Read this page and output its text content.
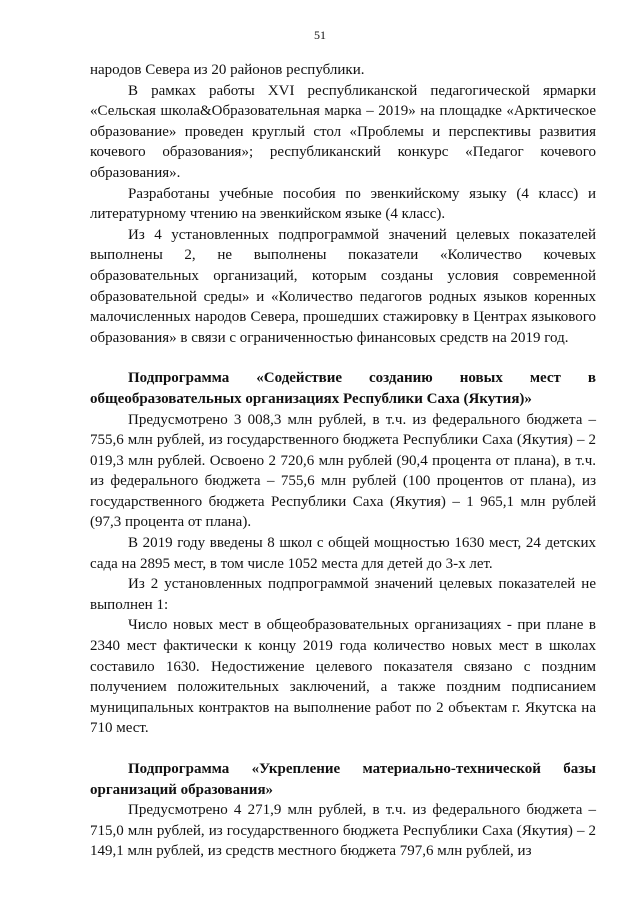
51

народов Севера из 20 районов республики.

В рамках работы XVI республиканской педагогической ярмарки «Сельская школа&Образовательная марка – 2019» на площадке «Арктическое образование» проведен круглый стол «Проблемы и перспективы развития кочевого образования»; республиканский конкурс «Педагог кочевого образования».

Разработаны учебные пособия по эвенкийскому языку (4 класс) и литературному чтению на эвенкийском языке (4 класс).

Из 4 установленных подпрограммой значений целевых показателей выполнены 2, не выполнены показатели «Количество кочевых образовательных организаций, которым созданы условия современной образовательной среды» и «Количество педагогов родных языков коренных малочисленных народов Севера, прошедших стажировку в Центрах языкового образования» в связи с ограниченностью финансовых средств на 2019 год.

Подпрограмма «Содействие созданию новых мест в общеобразовательных организациях Республики Саха (Якутия)»

Предусмотрено 3 008,3 млн рублей, в т.ч. из федерального бюджета – 755,6 млн рублей, из государственного бюджета Республики Саха (Якутия) – 2 019,3 млн рублей. Освоено 2 720,6 млн рублей (90,4 процента от плана), в т.ч. из федерального бюджета – 755,6 млн рублей (100 процентов от плана), из государственного бюджета Республики Саха (Якутия) – 1 965,1 млн рублей (97,3 процента от плана).

В 2019 году введены 8 школ с общей мощностью 1630 мест, 24 детских сада на 2895 мест, в том числе 1052 места для детей до 3-х лет.

Из 2 установленных подпрограммой значений целевых показателей не выполнен 1:

Число новых мест в общеобразовательных организациях - при плане в 2340 мест фактически к концу 2019 года количество новых мест в школах составило 1630. Недостижение целевого показателя связано с поздним получением положительных заключений, а также поздним подписанием муниципальных контрактов на выполнение работ по 2 объектам г. Якутска на 710 мест.

Подпрограмма «Укрепление материально-технической базы организаций образования»

Предусмотрено 4 271,9 млн рублей, в т.ч. из федерального бюджета – 715,0 млн рублей, из государственного бюджета Республики Саха (Якутия) – 2 149,1 млн рублей, из средств местного бюджета 797,6 млн рублей, из
